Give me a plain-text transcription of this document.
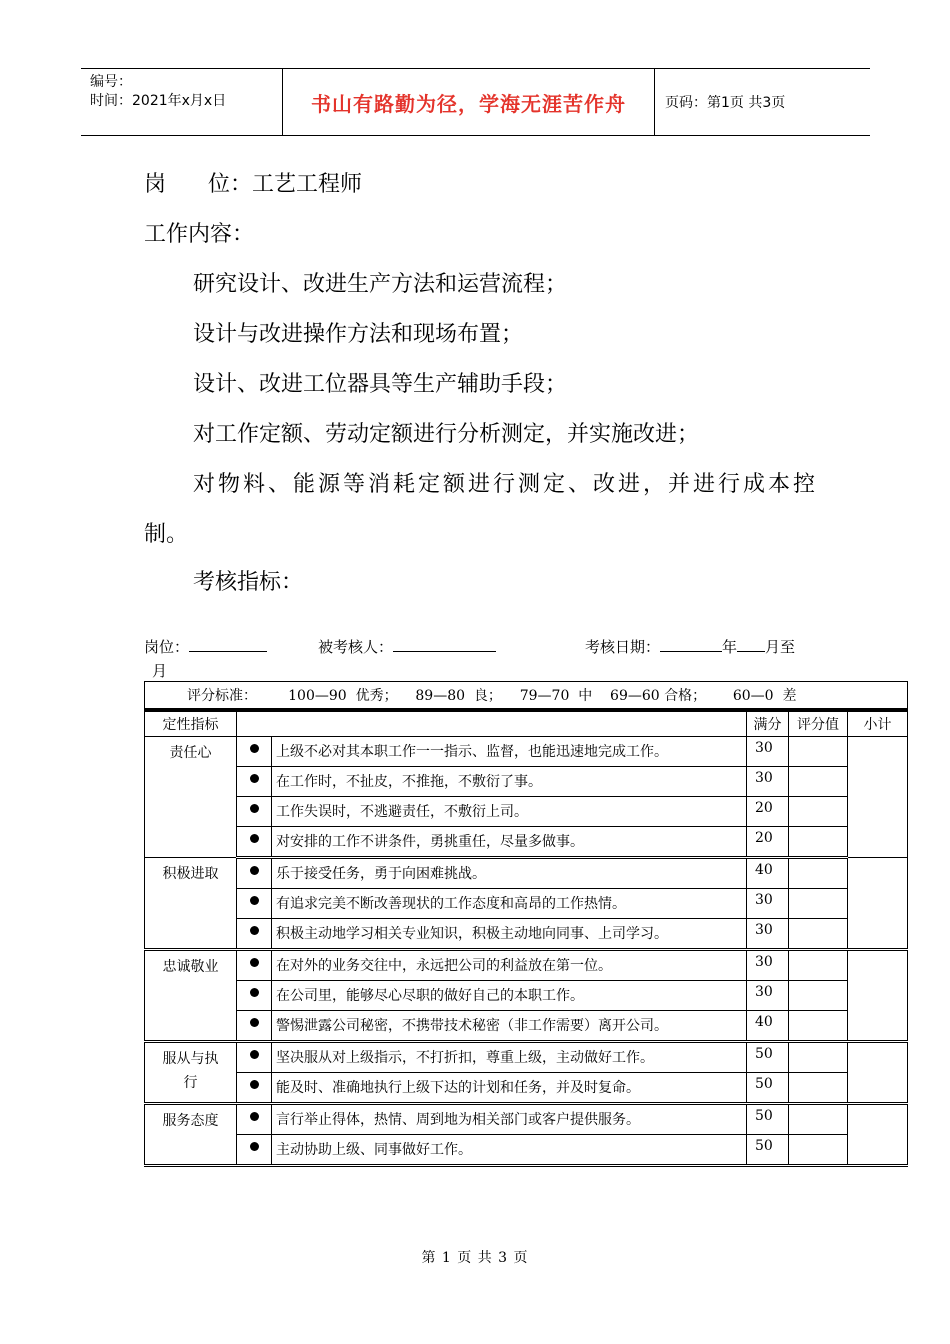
编号：
时间：2021年x月x日	书山有路勤为径，学海无涯苦作舟	页码：第1页 共3页
岗      位：工艺工程师
工作内容：
研究设计、改进生产方法和运营流程；
设计与改进操作方法和现场布置；
设计、改进工位器具等生产辅助手段；
对工作定额、劳动定额进行分析测定，并实施改进；
对物料、能源等消耗定额进行测定、改进，并进行成本控
制。
考核指标：
岗位：	被考核人：	考核日期：	年 月至
月
评分标准：       100—90  优秀；    89—80  良；    79—70  中    69—60 合格；      60—0  差					
定性指标			满分	评分值	小计
责任心		上级不必对其本职工作一一指示、监督，也能迅速地完成工作。	30		
		在工作时，不扯皮，不推拖，不敷衍了事。	30		
		工作失误时，不逃避责任，不敷衍上司。	20		
		对安排的工作不讲条件，勇挑重任，尽量多做事。	20		
积极进取		乐于接受任务，勇于向困难挑战。	40		
		有追求完美不断改善现状的工作态度和高昂的工作热情。	30		
		积极主动地学习相关专业知识，积极主动地向同事、上司学习。	30		
忠诚敬业		在对外的业务交往中，永远把公司的利益放在第一位。	30		
		在公司里，能够尽心尽职的做好自己的本职工作。	30		
		警惕泄露公司秘密，不携带技术秘密（非工作需要）离开公司。	40		
服从与执行		坚决服从对上级指示，不打折扣，尊重上级，主动做好工作。	50		
		能及时、准确地执行上级下达的计划和任务，并及时复命。	50		
服务态度		言行举止得体，热情、周到地为相关部门或客户提供服务。	50		
		主动协助上级、同事做好工作。	50		
第 1 页 共 3 页
